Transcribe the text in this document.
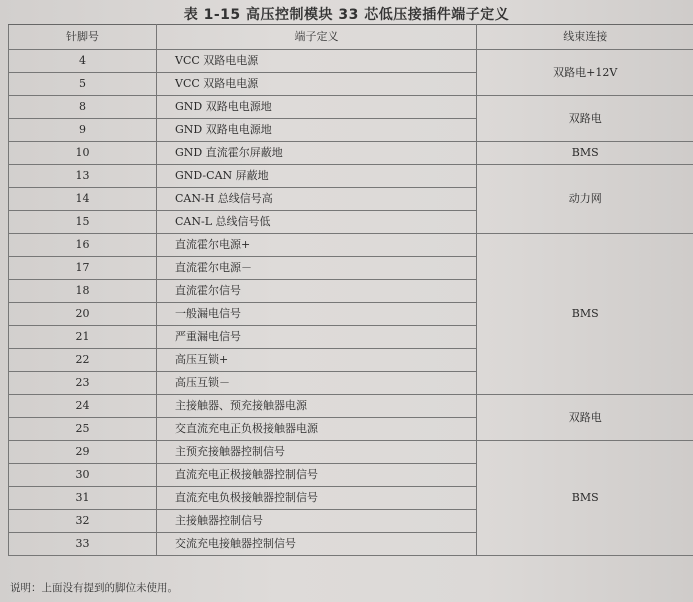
表 1-15 高压控制模块 33 芯低压接插件端子定义
针脚号	端子定义	线束连接
4	VCC 双路电电源	双路电+12V
5	VCC 双路电电源	
8	GND 双路电电源地	双路电
9	GND 双路电电源地	
10	GND 直流霍尔屏蔽地	BMS
13	GND-CAN 屏蔽地	动力网
14	CAN-H 总线信号高	
15	CAN-L 总线信号低	
16	直流霍尔电源+	BMS
17	直流霍尔电源－	
18	直流霍尔信号	
20	一般漏电信号	
21	严重漏电信号	
22	高压互锁+	
23	高压互锁－	
24	主接触器、预充接触器电源	双路电
25	交直流充电正负极接触器电源	
29	主预充接触器控制信号	BMS
30	直流充电正极接触器控制信号	
31	直流充电负极接触器控制信号	
32	主接触器控制信号	
33	交流充电接触器控制信号	
说明：上面没有提到的脚位未使用。
